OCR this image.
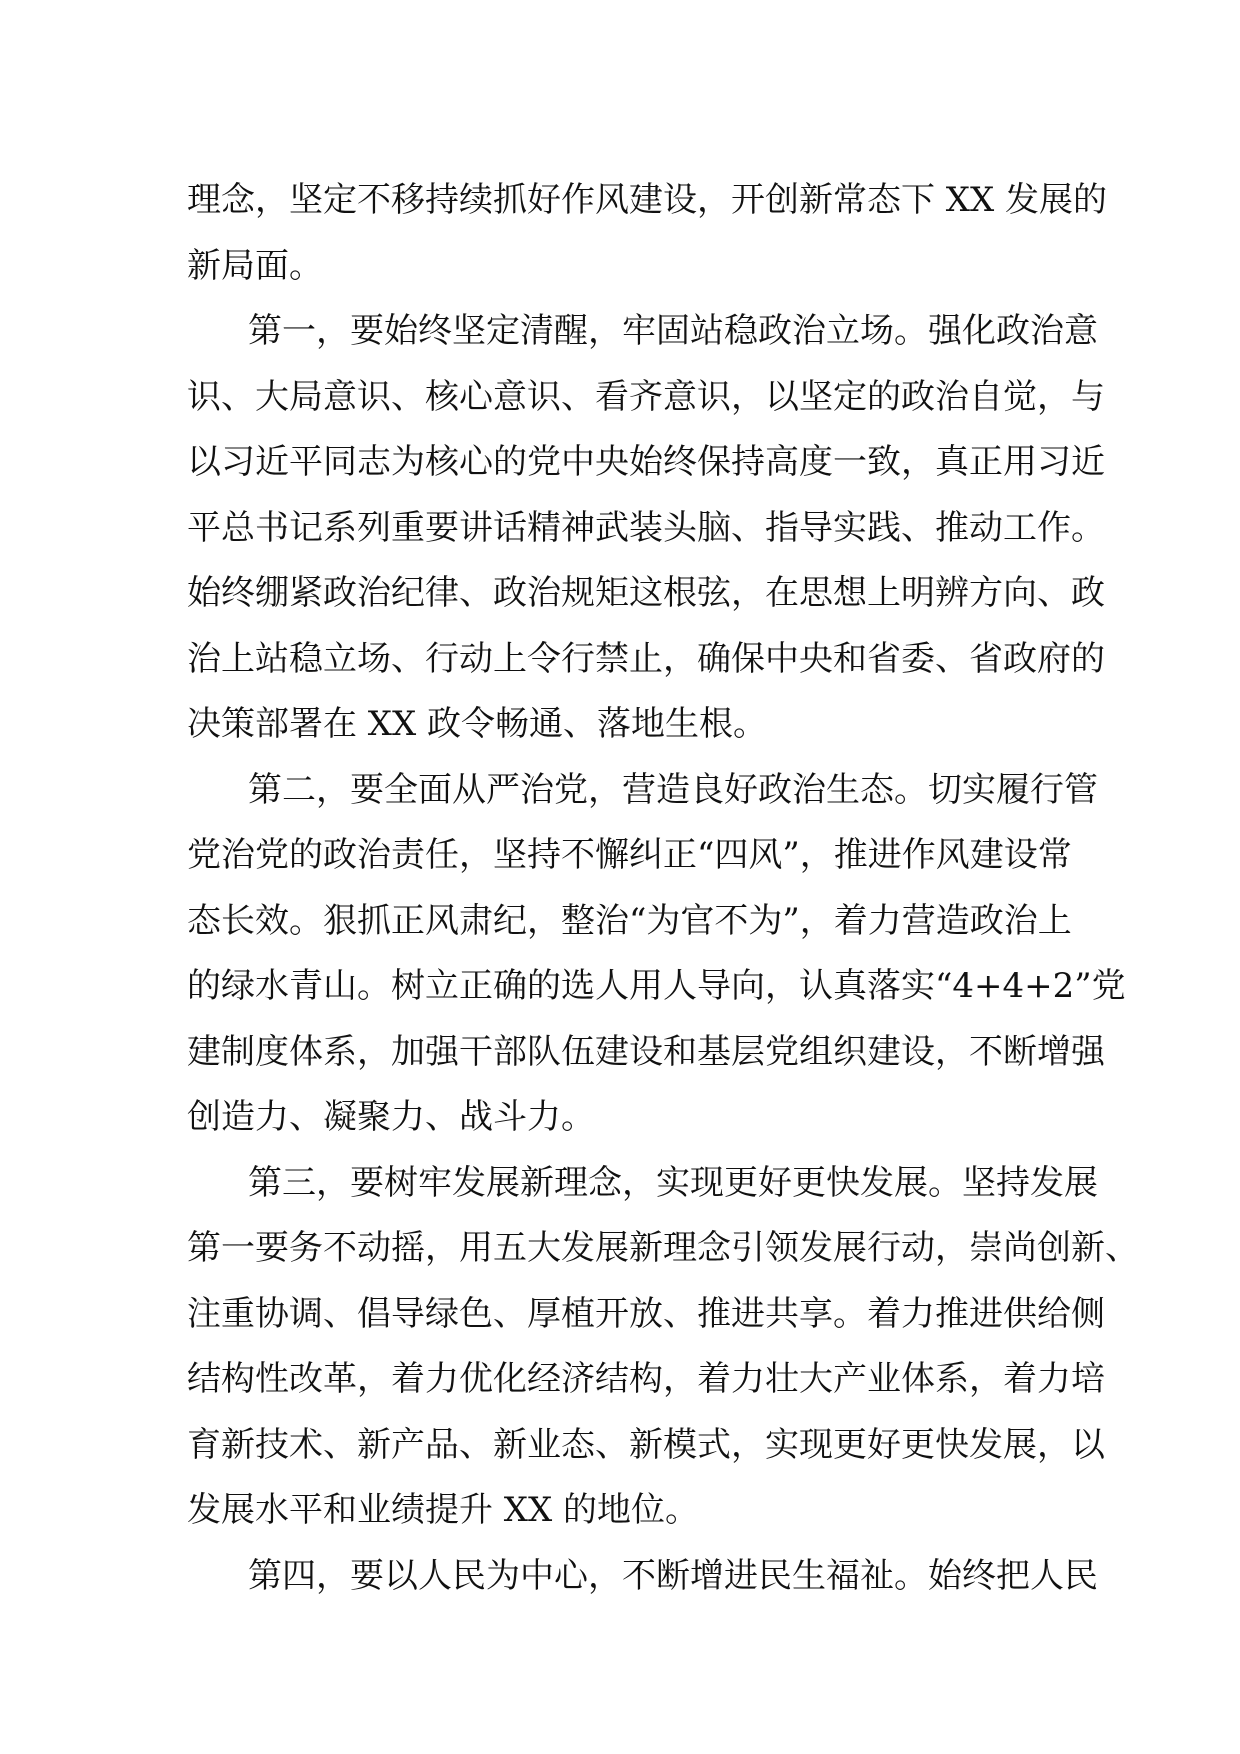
理念，坚定不移持续抓好作风建设，开创新常态下 XX 发展的
新局面。
第一，要始终坚定清醒，牢固站稳政治立场。强化政治意
识、大局意识、核心意识、看齐意识，以坚定的政治自觉，与
以习近平同志为核心的党中央始终保持高度一致，真正用习近
平总书记系列重要讲话精神武装头脑、指导实践、推动工作。
始终绷紧政治纪律、政治规矩这根弦，在思想上明辨方向、政
治上站稳立场、行动上令行禁止，确保中央和省委、省政府的
决策部署在 XX 政令畅通、落地生根。
第二，要全面从严治党，营造良好政治生态。切实履行管
党治党的政治责任，坚持不懈纠正“四风”，推进作风建设常
态长效。狠抓正风肃纪，整治“为官不为”，着力营造政治上
的绿水青山。树立正确的选人用人导向，认真落实“4+4+2”党
建制度体系，加强干部队伍建设和基层党组织建设，不断增强
创造力、凝聚力、战斗力。
第三，要树牢发展新理念，实现更好更快发展。坚持发展
第一要务不动摇，用五大发展新理念引领发展行动，崇尚创新、
注重协调、倡导绿色、厚植开放、推进共享。着力推进供给侧
结构性改革，着力优化经济结构，着力壮大产业体系，着力培
育新技术、新产品、新业态、新模式，实现更好更快发展，以
发展水平和业绩提升 XX 的地位。
第四，要以人民为中心，不断增进民生福祉。始终把人民
